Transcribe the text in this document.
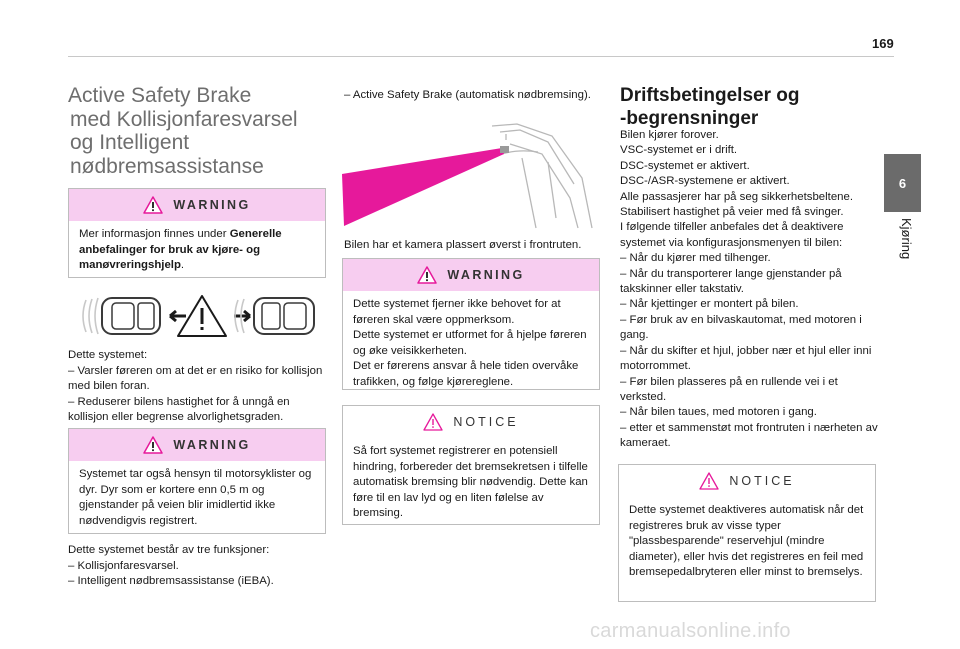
169
6
Kjøring
Active Safety Brake
med Kollisjonfaresvarsel
og Intelligent
nødbremsassistanse
WARNING
Mer informasjon finnes under Generelle anbefalinger for bruk av kjøre- og manøvreringshjelp.

Dette systemet:

– Varsler føreren om at det er en risiko for kollisjon med bilen foran.

– Reduserer bilens hastighet for å unngå en kollisjon eller begrense alvorlighetsgraden.

WARNING
Systemet tar også hensyn til motorsyklister og dyr. Dyr som er kortere enn 0,5 m og gjenstander på veien blir imidlertid ikke nødvendigvis registrert.

Dette systemet består av tre funksjoner:

– Kollisjonfaresvarsel.

– Intelligent nødbremsassistanse (iEBA).

– Active Safety Brake (automatisk nødbremsing).
Bilen har et kamera plassert øverst i frontruten.
WARNING

Dette systemet fjerner ikke behovet for at føreren skal være oppmerksom.

Dette systemet er utformet for å hjelpe føreren og øke veisikkerheten.

Det er førerens ansvar å hele tiden overvåke trafikken, og følge kjørereglene.

NOTICE
Så fort systemet registrerer en potensiell hindring, forbereder det bremsekretsen i tilfelle automatisk bremsing blir nødvendig. Dette kan føre til en lav lyd og en liten følelse av bremsing.
Driftsbetingelser og
-begrensninger

Bilen kjører forover.

VSC-systemet er i drift.

DSC-systemet er aktivert.

DSC-/ASR-systemene er aktivert.

Alle passasjerer har på seg sikkerhetsbeltene.

Stabilisert hastighet på veier med få svinger.

I følgende tilfeller anbefales det å deaktivere systemet via konfigurasjonsmenyen til bilen:

– Når du kjører med tilhenger.

– Når du transporterer lange gjenstander på takskinner eller takstativ.

– Når kjettinger er montert på bilen.

– Før bruk av en bilvaskautomat, med motoren i gang.

– Når du skifter et hjul, jobber nær et hjul eller inni motorrommet.

– Før bilen plasseres på en rullende vei i et verksted.

– Når bilen taues, med motoren i gang.

– etter et sammenstøt mot frontruten i nærheten av kameraet.

NOTICE
Dette systemet deaktiveres automatisk når det registreres bruk av visse typer "plassbesparende" reservehjul (mindre diameter), eller hvis det registreres en feil med bremsepedalbryteren eller minst to bremselys.
carmanualsonline.info
